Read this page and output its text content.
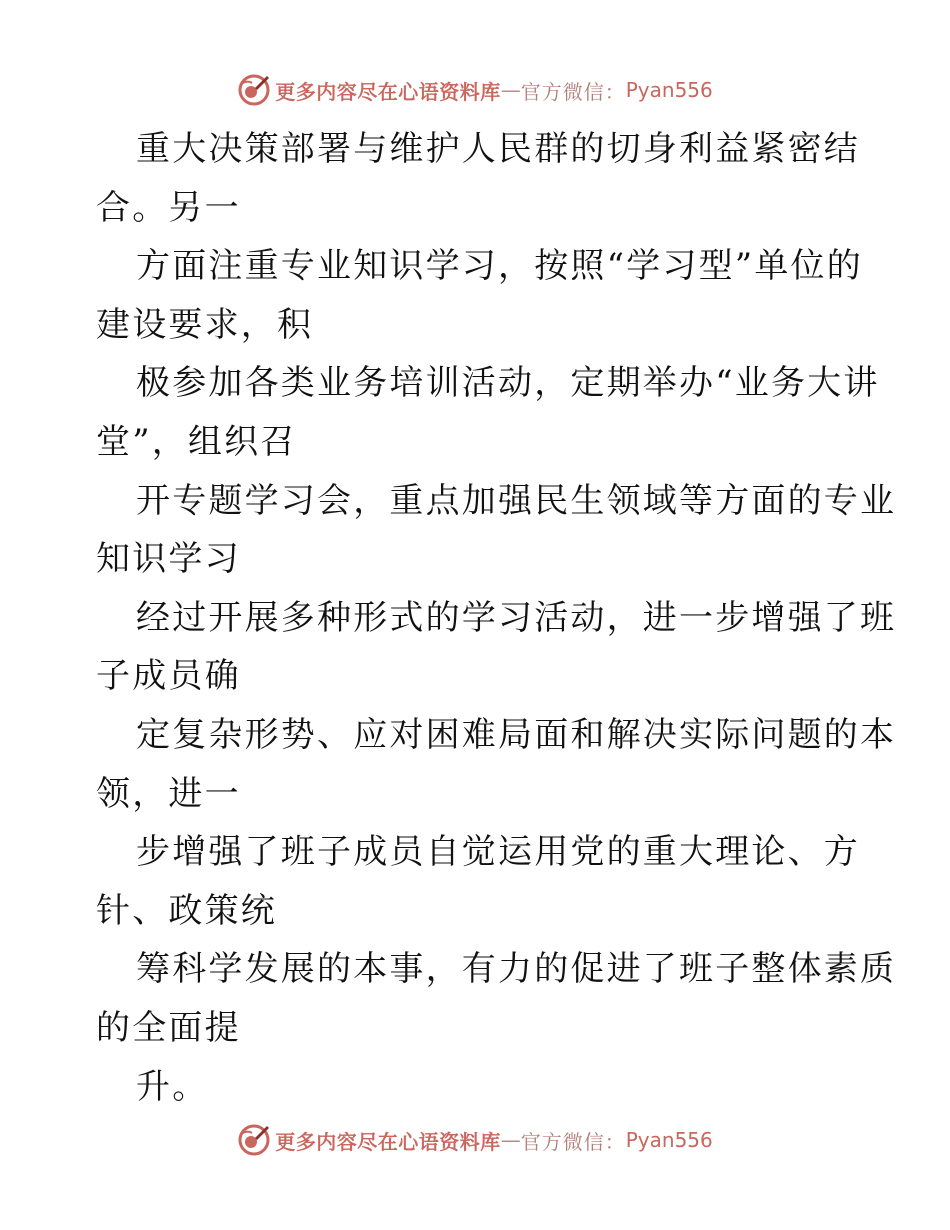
更多内容尽在心语资料库 — 官方微信： Pyan556
重大决策部署与维护人民群的切身利益紧密结
合。另一
方面注重专业知识学习，按照“学习型”单位的
建设要求，积
极参加各类业务培训活动，定期举办“业务大讲
堂”，组织召
开专题学习会，重点加强民生领域等方面的专业
知识学习
经过开展多种形式的学习活动，进一步增强了班
子成员确
定复杂形势、应对困难局面和解决实际问题的本
领，进一
步增强了班子成员自觉运用党的重大理论、方
针、政策统
筹科学发展的本事，有力的促进了班子整体素质
的全面提
升。
更多内容尽在心语资料库 — 官方微信： Pyan556
